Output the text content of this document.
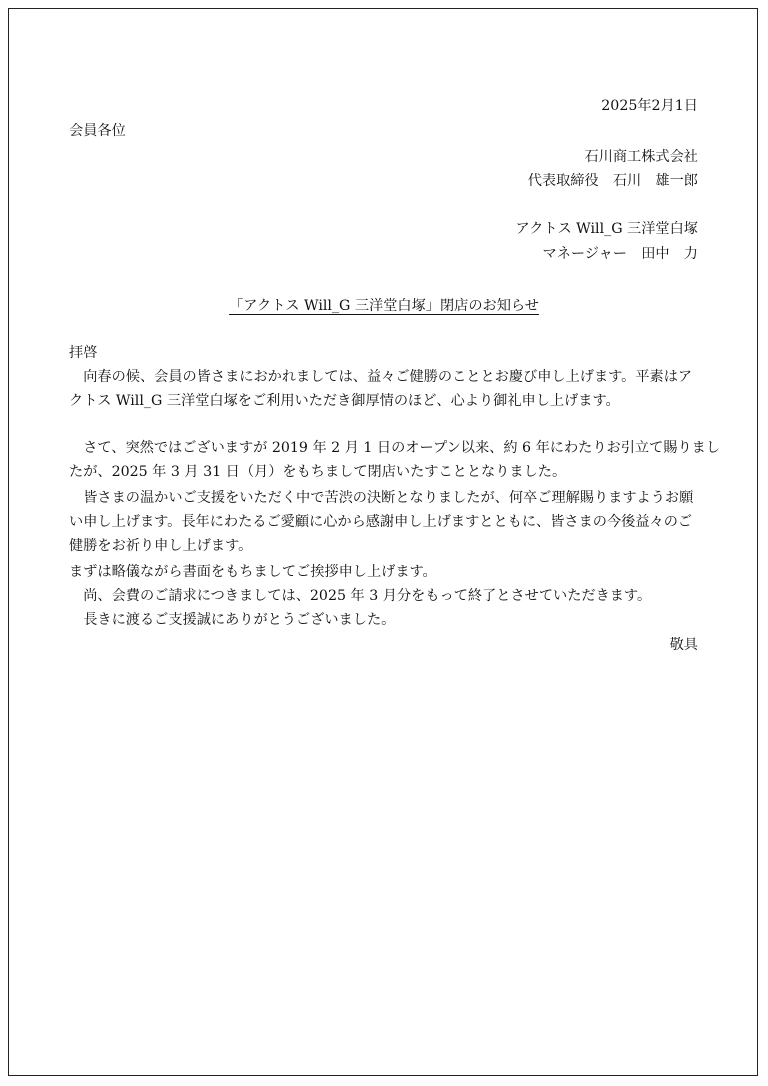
2025年2月1日
会員各位
石川商工株式会社
代表取締役　石川　雄一郎
アクトス Will_G 三洋堂白塚
マネージャー　田中　力
「アクトス Will_G 三洋堂白塚」閉店のお知らせ
拝啓
　向春の候、会員の皆さまにおかれましては、益々ご健勝のこととお慶び申し上げます。平素はア
クトス Will_G 三洋堂白塚をご利用いただき御厚情のほど、心より御礼申し上げます。
　さて、突然ではございますが 2019 年 2 月 1 日のオープン以来、約 6 年にわたりお引立て賜りまし
たが、2025 年 3 月 31 日（月）をもちまして閉店いたすこととなりました。
　皆さまの温かいご支援をいただく中で苦渋の決断となりましたが、何卒ご理解賜りますようお願
い申し上げます。長年にわたるご愛顧に心から感謝申し上げますとともに、皆さまの今後益々のご
健勝をお祈り申し上げます。
まずは略儀ながら書面をもちましてご挨拶申し上げます。
　尚、会費のご請求につきましては、2025 年 3 月分をもって終了とさせていただきます。
　長きに渡るご支援誠にありがとうございました。
敬具
